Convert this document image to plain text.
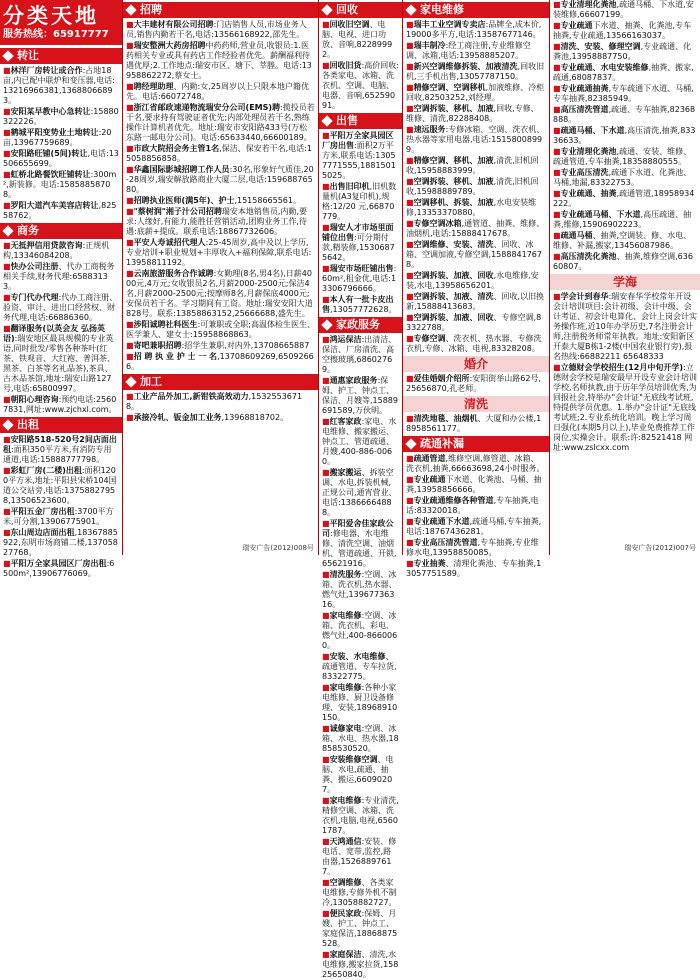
分类天地
服务热线：65917777
转让
■林洋厂房转让或合作:占地18亩,内已配中联炉和变压器,电话:13216966381,13688066893。
■安阳某早教中心急转让:15880322226。
■鹤城平阳变势业土地转让:20亩,13967759689。
■安阳路旺铺(5间)转让,电话:13506655699。
■虹桥北路餐饮旺铺转让:300m²,新装修。电话:15858858708。
■罗阳大道汽车美容店转让,82558762。
商务
■无抵押信用贷款咨询:正规机构,13346084208。
■快办公司注册、代办工商税务相关手续,财务代理:65883133。
■专门代办代理:代办工商注册、验资、审计、进出口经营权、财务代理,电话:66886360。
■翻译服务(以英会友 弘扬英语):瑞安地区最具规模的专业英语,同时批发/零售各种茶叶(红茶、铁观音、大红袍、普洱茶、黑茶、白茶等名礼品茶),茶具、古木品茶馆,地址:瑞安山路127号,电话:65800997。
■朝阳心理咨询:预约电话:25607831,网址:www.zjchxl.com。
出租
■安阳路518-520号2间店面出租:面积350平方米,有消防专用通道,电话:15888777798。
■彩虹厂房(二楼)出租:面积1200平方米,地址:平阳县宋桥104国道公交站旁,电话:13758827958,13506523600。
■平阳五金厂房出租:3700平方米,可分割,13906775901。
■东山周边店面出租,18367885922,东明市场商铺二楼,13705827768。
■平阳万全家具园区厂房出租:6500m²,13906776069。
招聘
■大丰建材有限公司招聘:门店销售人员,市场业务人员,销售内勤若干名,电话:13566168922,邵先生。
■瑞安整洲大药房招聘中药药师,营业员,收银员:1.医药相关专业或具有药店工作经验者优先。薪酬福利待遇优厚;2.工作地点:瑞安市区、塘下、莘塍。电话:13958862272,蔡女士。
■聘经理助理、内勤:女,25周岁以上只限本地户籍优先。电话:66072748。
■浙江省邮政速递物流瑞安分公司(EMS)聘:揽投员若干名,要求持有驾驶证者优先;内部处理员若干名,熟练操作计算机者优先。地址:瑞安市安阳路433号(万松东路一邮电分公司)。电话:65633440,66600189。
■市政大院招会务主管1名,保洁、保安若干名,电话:15058856858。
■华鑫国际影城招聘工作人员:30名,形象好气质佳,20-28周岁,瑞安解放路商业大厦二层,电话:15968876580。
■招聘执业医师(满5年)、护士,15158665561。
■"蔡树润"湘子汁公司招聘瑞安本地销售员,内勤,要求:人缘好,有能力,能胜任营销活动,团购业务工作,待遇:底薪+提成。联系电话:18867732606。
■平安人寿诚招代理人:25-45周岁,高中及以上学历,专业培训+职业规划+丰厚收入+福利保障,联系电话:13958811192。
■云南旅游服务合作诚聘:女勤理(8名,男4名),日薪4000元,4万元;女收银员2名,月薪2000-2500元;保洁4名,月薪2000-2500元;按摩师8名,月薪保底4000元;安保员若干名。学习期间有工资。地址:瑞安安阳大道828号。联系:13858863152,25666688,盛先生。
■涉阳诚聘社科医生:可兼职或全职;高温体检生医生、医学兼人、建女士:15958868863。
■寄吧兼职招聘:招学生兼职,对内外,13708665887
■招 聘 执 业 护 士 一 名,13708609269,65092666。
加工
■工业产品外加工,新钳铁高效动力,15325536718。
■承接冷轧、钣金加工业务,13968818702。
瑞安广告(2012)008号
回收
■回收旧空调、电脑、电视、进口功放、音响,82289992。
■回收旧货:高价回收:各类家电、冰箱、洗衣机、空调、电脑、电器、音响,65259091。
出售
■平阳万全家具园区厂房出售:面积2万平方米,联系电话:13057771555,18815015025。
■出售旧印机,旧机数量机(A3复印机),规格:12/20 元,66870779。
■瑞安人才市场里面铺位出售:可分期付款,精装修,15306875642。
■瑞安市场旺铺出售:60m²,租金优,电话:13306796666。
■本人有一批卡皮出售,13057772628。
家政服务
■鸿运保洁:出清洁、保洁、厂房清洗、高空擦玻璃,68602769。
■通惠家政服务:保姆、护工、钟点工、保洁、月嫂等,15889691589,万伙明。
■红客家政:家电、水电维修、搬家搬运、钟点工、管道疏通、月嫂,400-886-0060。
■搬家搬运、拆装空调、水电,拆装机械,正规公司,通宵营业、电话:13866664888。
■平阳爱舍佳家政公司:修电器、水电维修、清洗空调、油烟机、管道疏通、开锁,65621916。
■清洗服务:空调、冰箱、洗衣机,热水器、燃气灶,13967736316。
■家电维修:空调、冰箱、洗衣机、彩电、燃气灶,400-8660060。
■安装、水电维修、疏通管道、专车拉货,83322775。
■家电维修:各种小家电维修、厨卫设备修理、安装,18968910150。
■诚修家电:空调、冰箱、水电、热水器,18858530520。
■安装维修空调、电脑、水电,疏通、抽粪、搬运,66090207。
■家电维修:专业清洗,精修空调、冰箱、洗衣机,电脑,电视,65601787。
■天鸿通信:安装、修电话、宽带,监控,路由器,15268897617。
■空调维修、各类家电维修,专修外机不制冷,13058882727。
■便民家政:保姆、月嫂、护工、钟点工、家庭保洁,18868875528。
■家庭保洁、清洗,水电维修,搬家拉货,15825650840。
家电维修
■瑞丰工业空调专卖店:品牌全,成本价,19000多平方,电话:13587677146。
■瑞丰制冷:经工商注册,专业维修空调、冰箱,电话:13958885207。
■新兴空调维修拆装、加液清洗,回收旧机,三手机出售,13057787150。
■精修空调、空调移机,加液维修、冷柜回收,82503252,刘经理。
■空调拆装、移机、加液,回收,专修、维修、清洗,82288408。
■速远服务:专修冰箱、空调、洗衣机、热水器等家用电器,电话:15158008999。
■精修空调、移机、加液,清洗,旧机回收,15958883999。
■空调拆装、移机、加液,清洗,旧机回收,15988889789。
■空调移机、拆装、加液,水电安装维修,13353370880。
■专修空调冰箱,通管道、抽粪、维修、油烟机,电话:15888417678。
■空调维修、安装、清洗、回收、冰箱、空调加液,专修空调,15888417678。
■空调拆装、加液、回收,水电维修,安装,水电,13958656201。
■空调拆装、加液、清洗、回收,以旧换新,15888413683。
■空调拆装、加液、回收、专修空调,83322788。
■专修空调、洗衣机、热水器、专修洗衣机,专修、冰箱、电视,83328208。
婚介
■爱佳婚姻介绍所:安阳街举山路62号,25656870,孔老师。
清洗
■清洗地毯、油烟机、大厦和办公楼,18958561177。
疏通补漏
■疏通管道,维修空调,修管道、冰箱、洗衣机,抽粪,66663698,24小时服务。
■专业疏通下水道、化粪池、马桶、抽粪,13958856666。
■专业疏通维修各种管道,专车抽粪,电话:83320018。
■专业疏通下水道,疏通马桶,专车抽粪,电话:18767436281。
■专业高压清洗管道,专车抽粪,专业维修水电,13958850085。
■专业抽粪、清理化粪池、专车抽粪,13057751589。
■专业清理化粪池,疏通马桶、下水道,安装维修,66607199。
■专业疏通下水道、抽粪、化粪池,专车抽粪,专业疏通,13566163037。
■清洗、安装、修理空调,专业疏通、化粪池,13958887750。
■专业疏通、水电安装维修,抽粪、搬家,疏通,68087837。
■专业疏通抽粪,专车疏通下水道、马桶,专车抽粪,82385949。
■高压清洗管道,疏通、专车抽粪,82368888。
■疏通马桶、下水道,高压清洗,抽粪,83336633。
■专业清理化粪池,疏通、安装、维修、疏通管道,专车抽粪,18358880555。
■专业高压清洗,疏通下水道、化粪池、马桶,地漏,83322753。
■专业疏通、抽粪,疏通管道,18958934222。
■专业疏通马桶、下水道,高压疏通、抽粪,维修,15906902223。
■疏通马桶、抽粪,空调装、修、水电、维修、补漏,搬家,13456087986。
■高压清洗化粪池、抽粪,维修空调,63660807。
学海
■学会计到春华:瑞安春华学校常年开设会计培训项目:会计初级、会计中级、会计考证、初会计电算化、会计上岗会计实务操作班,近10年办学历史,7名注册会计师,注册税务师常年执教。地址:安阳新区开泰大厦B栋1-2楼(中国农业银行旁),报名热线:66882211 65648333
■立德财会学校招生(12月中旬开学):立德财会学校是瑞安最早开设专业会计培训学校,名师执教,由于历年学员培训优秀,为回报社会,特举办"会计证"无底线考试班,特提供学员优惠。1.举办"会计证"无底线考试班;2.专业系统化培训。晚上学习周日强化(本期5月以上),毕业免费推荐工作岗位,实操会计。联系:许:82521418 网址:www.zslcxx.com
瑞安广告(2012)007号
